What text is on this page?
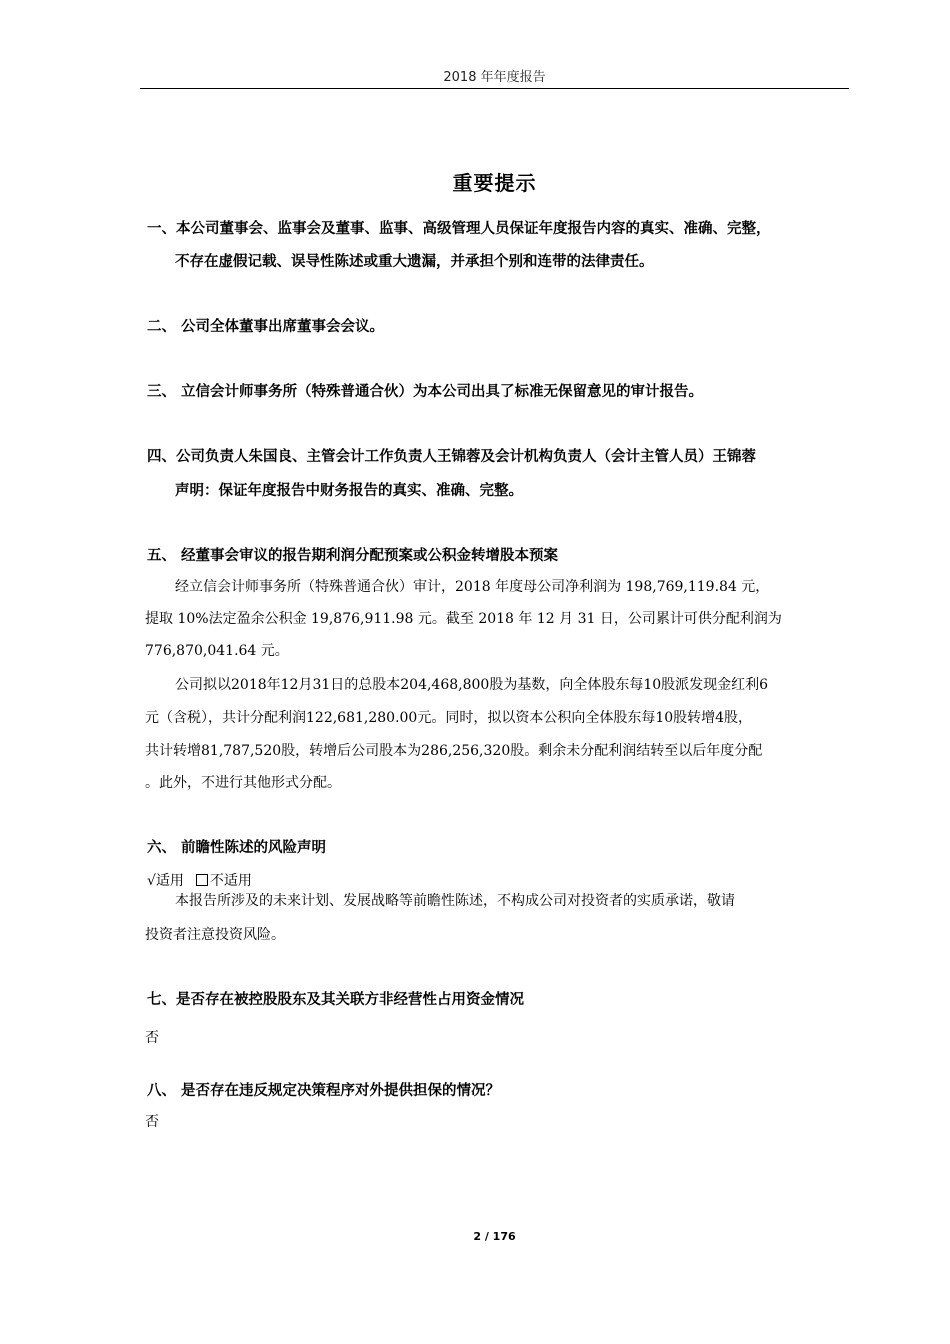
2018 年年度报告
重要提示
一、本公司董事会、监事会及董事、监事、高级管理人员保证年度报告内容的真实、准确、完整，
不存在虚假记载、误导性陈述或重大遗漏，并承担个别和连带的法律责任。
二、 公司全体董事出席董事会会议。
三、 立信会计师事务所（特殊普通合伙）为本公司出具了标准无保留意见的审计报告。
四、公司负责人朱国良、主管会计工作负责人王锦蓉及会计机构负责人（会计主管人员）王锦蓉
声明：保证年度报告中财务报告的真实、准确、完整。
五、 经董事会审议的报告期利润分配预案或公积金转增股本预案
经立信会计师事务所（特殊普通合伙）审计，2018 年度母公司净利润为 198,769,119.84 元，
提取 10%法定盈余公积金 19,876,911.98 元。截至 2018 年 12 月 31 日，公司累计可供分配利润为
776,870,041.64 元。
公司拟以2018年12月31日的总股本204,468,800股为基数，向全体股东每10股派发现金红利6
元（含税），共计分配利润122,681,280.00元。同时，拟以资本公积向全体股东每10股转增4股，
共计转增81,787,520股，转增后公司股本为286,256,320股。剩余未分配利润结转至以后年度分配
。此外，不进行其他形式分配。
六、 前瞻性陈述的风险声明
√适用 不适用
本报告所涉及的未来计划、发展战略等前瞻性陈述，不构成公司对投资者的实质承诺，敬请
投资者注意投资风险。
七、是否存在被控股股东及其关联方非经营性占用资金情况
否
八、 是否存在违反规定决策程序对外提供担保的情况？
否
2 / 176
